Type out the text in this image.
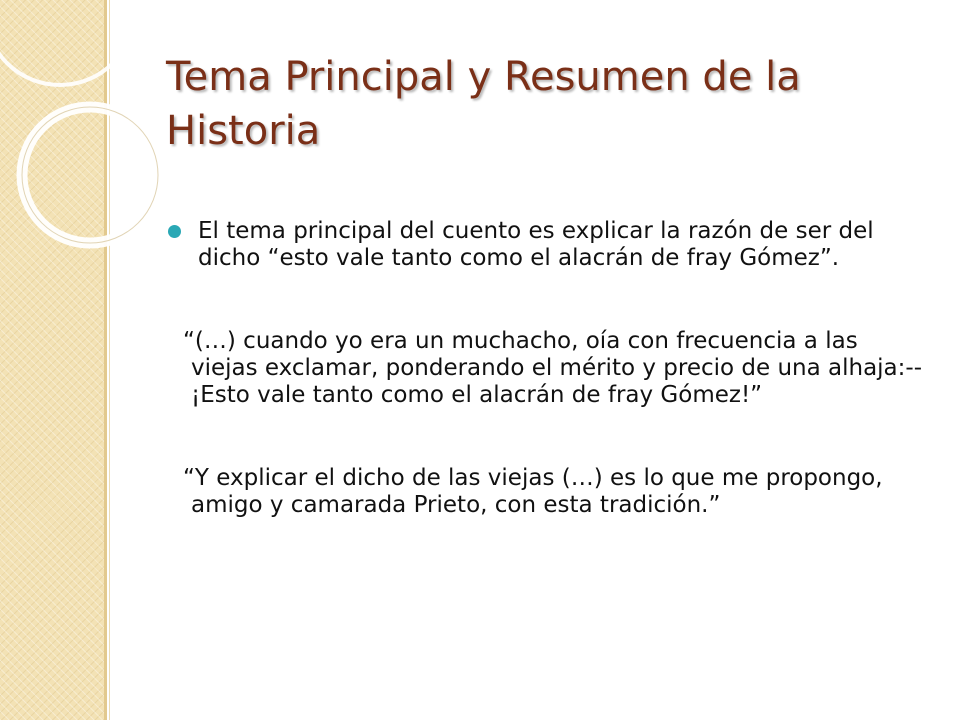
Tema Principal y Resumen de la Historia

El tema principal del cuento es explicar la razón de ser del dicho “esto vale tanto como el alacrán de fray Gómez”.

“(…) cuando yo era un muchacho, oía con frecuencia a las viejas exclamar, ponderando el mérito y precio de una alhaja:--¡Esto vale tanto como el alacrán de fray Gómez!”

“Y explicar el dicho de las viejas (…) es lo que me propongo, amigo y camarada Prieto, con esta tradición.”
